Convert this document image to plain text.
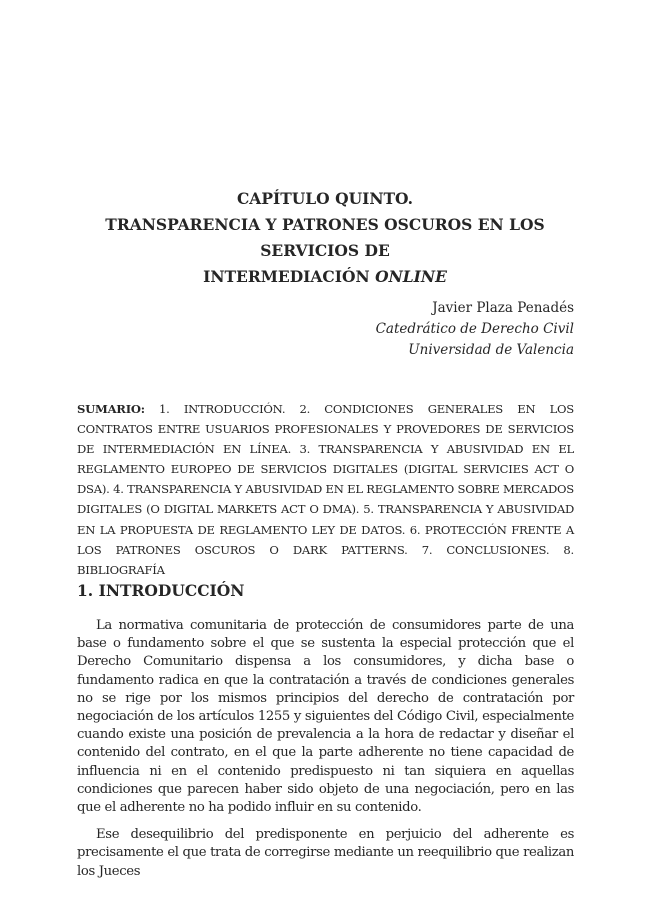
CAPÍTULO QUINTO.
TRANSPARENCIA Y PATRONES OSCUROS EN LOS SERVICIOS DE
INTERMEDIACIÓN ONLINE
Javier Plaza Penadés
Catedrático de Derecho Civil
Universidad de Valencia
SUMARIO: 1. INTRODUCCIÓN. 2. CONDICIONES GENERALES EN LOS CONTRATOS ENTRE USUARIOS PROFESIONALES Y PROVEDORES DE SERVICIOS DE INTERMEDIACIÓN EN LÍNEA. 3. TRANSPARENCIA Y ABUSIVIDAD EN EL REGLAMENTO EUROPEO DE SERVICIOS DIGITALES (DIGITAL SERVICIES ACT O DSA). 4. TRANSPARENCIA Y ABUSIVIDAD EN EL REGLAMENTO SOBRE MERCADOS DIGITALES (O DIGITAL MARKETS ACT O DMA). 5. TRANSPARENCIA Y ABUSIVIDAD EN LA PROPUESTA DE REGLAMENTO LEY DE DATOS. 6. PROTECCIÓN FRENTE A LOS PATRONES OSCUROS O DARK PATTERNS. 7. CONCLUSIONES. 8. BIBLIOGRAFÍA
1. INTRODUCCIÓN

La normativa comunitaria de protección de consumidores parte de una base o fundamento sobre el que se sustenta la especial protección que el Derecho Comunitario dispensa a los consumidores, y dicha base o fundamento radica en que la contratación a través de condiciones generales no se rige por los mismos principios del derecho de contratación por negociación de los artículos 1255 y siguientes del Código Civil, especialmente cuando existe una posición de prevalencia a la hora de redactar y diseñar el contenido del contrato, en el que la parte adherente no tiene capacidad de influencia ni en el contenido predispuesto ni tan siquiera en aquellas condiciones que parecen haber sido objeto de una negociación, pero en las que el adherente no ha podido influir en su contenido.

Ese desequilibrio del predisponente en perjuicio del adherente es precisamente el que trata de corregirse mediante un reequilibrio que realizan los Jueces
